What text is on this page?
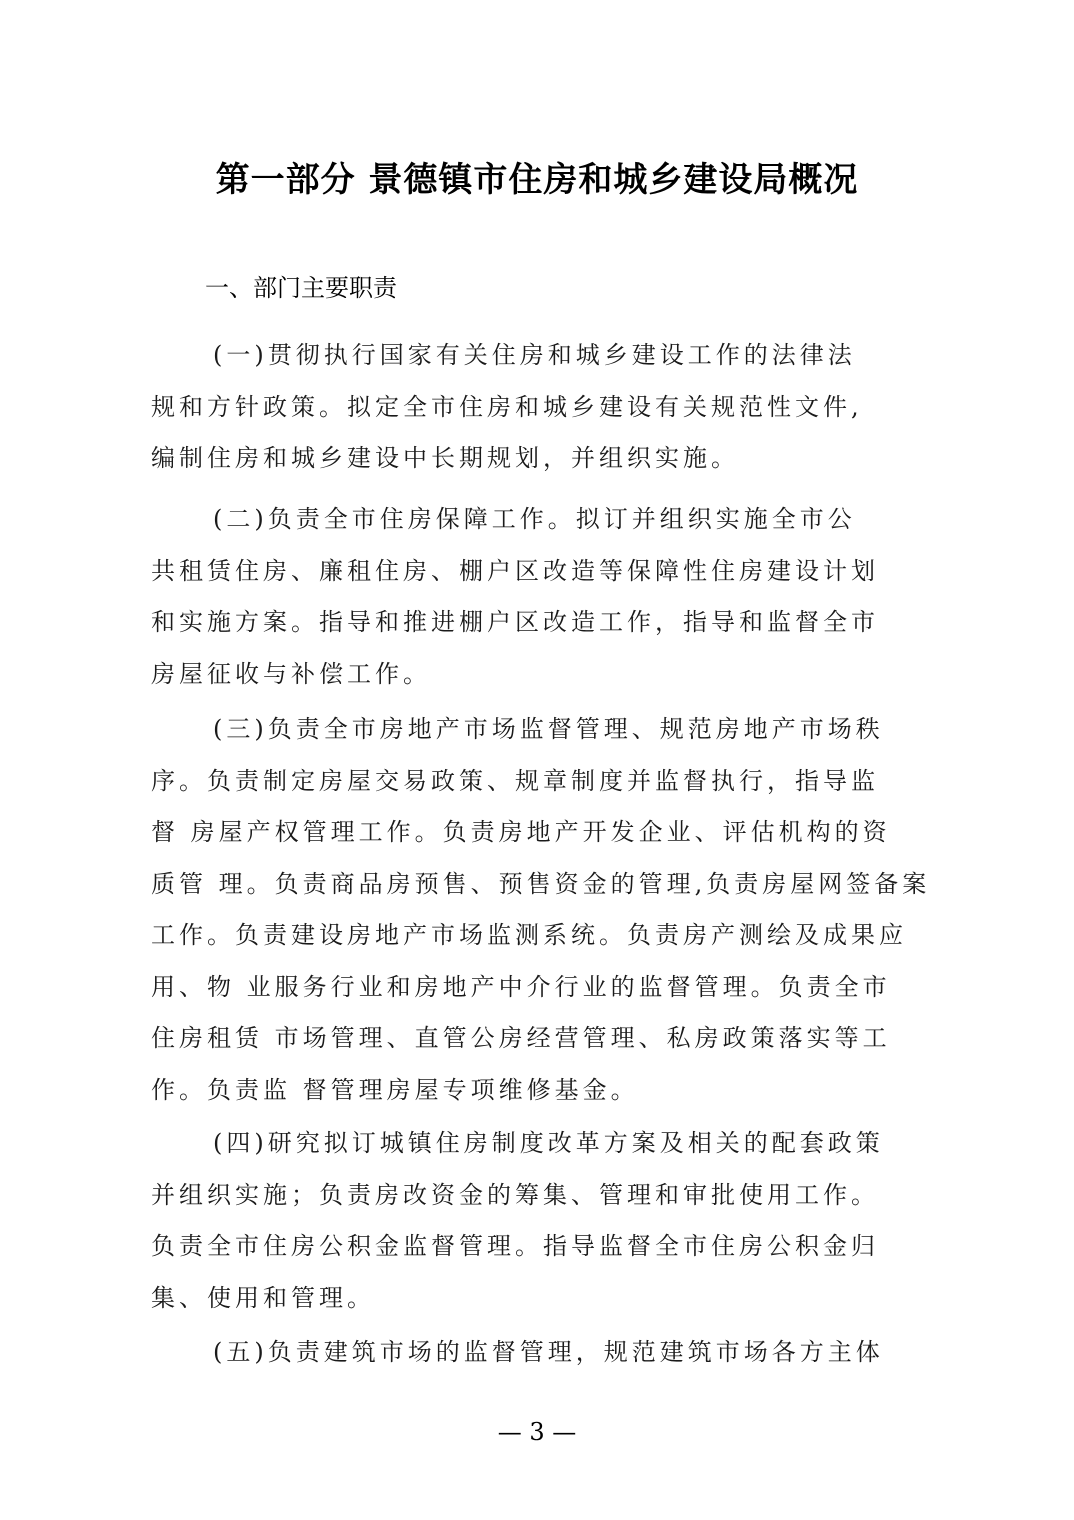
第一部分 景德镇市住房和城乡建设局概况
一、部门主要职责
(一)贯彻执行国家有关住房和城乡建设工作的法律法
规和方针政策。拟定全市住房和城乡建设有关规范性文件,
编制住房和城乡建设中长期规划，并组织实施。
(二)负责全市住房保障工作。拟订并组织实施全市公
共租赁住房、廉租住房、棚户区改造等保障性住房建设计划
和实施方案。指导和推进棚户区改造工作，指导和监督全市
房屋征收与补偿工作。
(三)负责全市房地产市场监督管理、规范房地产市场秩
序。负责制定房屋交易政策、规章制度并监督执行，指导监
督 房屋产权管理工作。负责房地产开发企业、评估机构的资
质管 理。负责商品房预售、预售资金的管理,负责房屋网签备案
工作。负责建设房地产市场监测系统。负责房产测绘及成果应
用、物 业服务行业和房地产中介行业的监督管理。负责全市
住房租赁 市场管理、直管公房经营管理、私房政策落实等工
作。负责监 督管理房屋专项维修基金。
(四)研究拟订城镇住房制度改革方案及相关的配套政策
并组织实施；负责房改资金的筹集、管理和审批使用工作。
负责全市住房公积金监督管理。指导监督全市住房公积金归
集、使用和管理。
(五)负责建筑市场的监督管理，规范建筑市场各方主体
— 3 —
